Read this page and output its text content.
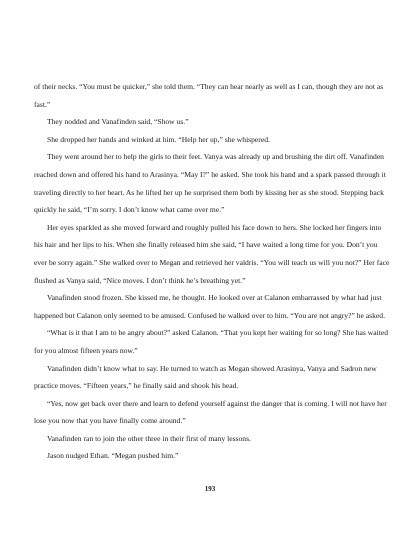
of their necks. “You must be quicker,” she told them. “They can hear nearly as well as I can, though they are not as fast.”

They nodded and Vanafinden said, “Show us.”

She dropped her hands and winked at him. “Help her up,” she whispered.

They went around her to help the girls to their feet. Vanya was already up and brushing the dirt off. Vanafinden reached down and offered his hand to Arasinya. “May I?” he asked. She took his hand and a spark passed through it traveling directly to her heart. As he lifted her up he surprised them both by kissing her as she stood. Stepping back quickly he said, “I’m sorry. I don’t know what came over me.”

Her eyes sparkled as she moved forward and roughly pulled his face down to hers. She locked her fingers into his hair and her lips to his. When she finally released him she said, “I have waited a long time for you. Don’t you ever be sorry again.” She walked over to Megan and retrieved her valdris. “You will teach us will you not?” Her face flushed as Vanya said, “Nice moves. I don’t think he’s breathing yet.”

Vanafinden stood frozen. She kissed me, he thought. He looked over at Calanon embarrassed by what had just happened but Calanon only seemed to be amused. Confused he walked over to him. “You are not angry?” he asked.

“What is it that I am to be angry about?” asked Calanon. “That you kept her waiting for so long? She has waited for you almost fifteen years now.”

Vanafinden didn’t know what to say. He turned to watch as Megan showed Arasinya, Vanya and Sadron new practice moves. “Fifteen years,” he finally said and shook his head.

“Yes, now get back over there and learn to defend yourself against the danger that is coming. I will not have her lose you now that you have finally come around.”

Vanafinden ran to join the other three in their first of many lessons.

Jason nudged Ethan. “Megan pushed him.”

193
